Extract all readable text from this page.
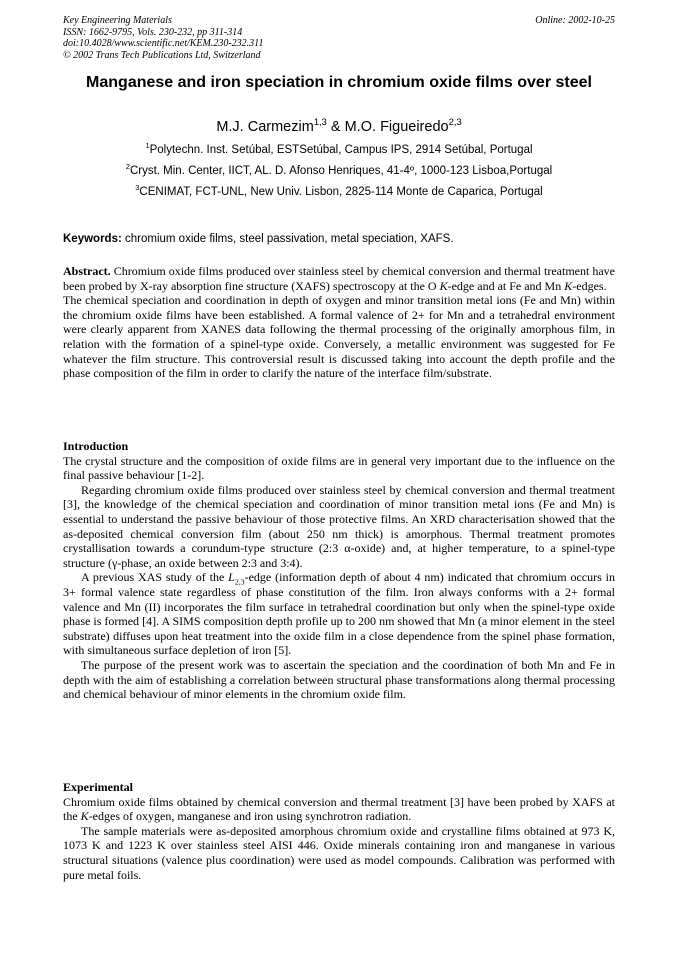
Key Engineering Materials
ISSN: 1662-9795, Vols. 230-232, pp 311-314
doi:10.4028/www.scientific.net/KEM.230-232.311
© 2002 Trans Tech Publications Ltd, Switzerland
Online: 2002-10-25
Manganese and iron speciation in chromium oxide films over steel
M.J. Carmezim$^{1,3}$ & M.O. Figueiredo$^{2,3}$
$^1$Polytechn. Inst. Setúbal, ESTSetúbal, Campus IPS, 2914 Setúbal, Portugal
$^2$Cryst. Min. Center, IICT, AL. D. Afonso Henriques, 41-4º, 1000-123 Lisboa,Portugal
$^3$CENIMAT, FCT-UNL, New Univ. Lisbon, 2825-114 Monte de Caparica, Portugal
Keywords: chromium oxide films, steel passivation, metal speciation, XAFS.

Abstract. Chromium oxide films produced over stainless steel by chemical conversion and thermal treatment have been probed by X-ray absorption fine structure (XAFS) spectroscopy at the O K-edge and at Fe and Mn K-edges.

The chemical speciation and coordination in depth of oxygen and minor transition metal ions (Fe and Mn) within the chromium oxide films have been established. A formal valence of 2+ for Mn and a tetrahedral environment were clearly apparent from XANES data following the thermal processing of the originally amorphous film, in relation with the formation of a spinel-type oxide. Conversely, a metallic environment was suggested for Fe whatever the film structure. This controversial result is discussed taking into account the depth profile and the phase composition of the film in order to clarify the nature of the interface film/substrate.

Introduction

The crystal structure and the composition of oxide films are in general very important due to the influence on the final passive behaviour [1-2].

Regarding chromium oxide films produced over stainless steel by chemical conversion and thermal treatment [3], the knowledge of the chemical speciation and coordination of minor transition metal ions (Fe and Mn) is essential to understand the passive behaviour of those protective films. An XRD characterisation showed that the as-deposited chemical conversion film (about 250 nm thick) is amorphous. Thermal treatment promotes crystallisation towards a corundum-type structure (2:3 α-oxide) and, at higher temperature, to a spinel-type structure (γ-phase, an oxide between 2:3 and 3:4).

A previous XAS study of the $L_{2,3}$-edge (information depth of about 4 nm) indicated that chromium occurs in 3+ formal valence state regardless of phase constitution of the film. Iron always conforms with a 2+ formal valence and Mn (II) incorporates the film surface in tetrahedral coordination but only when the spinel-type oxide phase is formed [4]. A SIMS composition depth profile up to 200 nm showed that Mn (a minor element in the steel substrate) diffuses upon heat treatment into the oxide film in a close dependence from the spinel phase formation, with simultaneous surface depletion of iron [5].

The purpose of the present work was to ascertain the speciation and the coordination of both Mn and Fe in depth with the aim of establishing a correlation between structural phase transformations along thermal processing and chemical behaviour of minor elements in the chromium oxide film.

Experimental

Chromium oxide films obtained by chemical conversion and thermal treatment [3] have been probed by XAFS at the K-edges of oxygen, manganese and iron using synchrotron radiation.

The sample materials were as-deposited amorphous chromium oxide and crystalline films obtained at 973 K, 1073 K and 1223 K over stainless steel AISI 446. Oxide minerals containing iron and manganese in various structural situations (valence plus coordination) were used as model compounds. Calibration was performed with pure metal foils.
